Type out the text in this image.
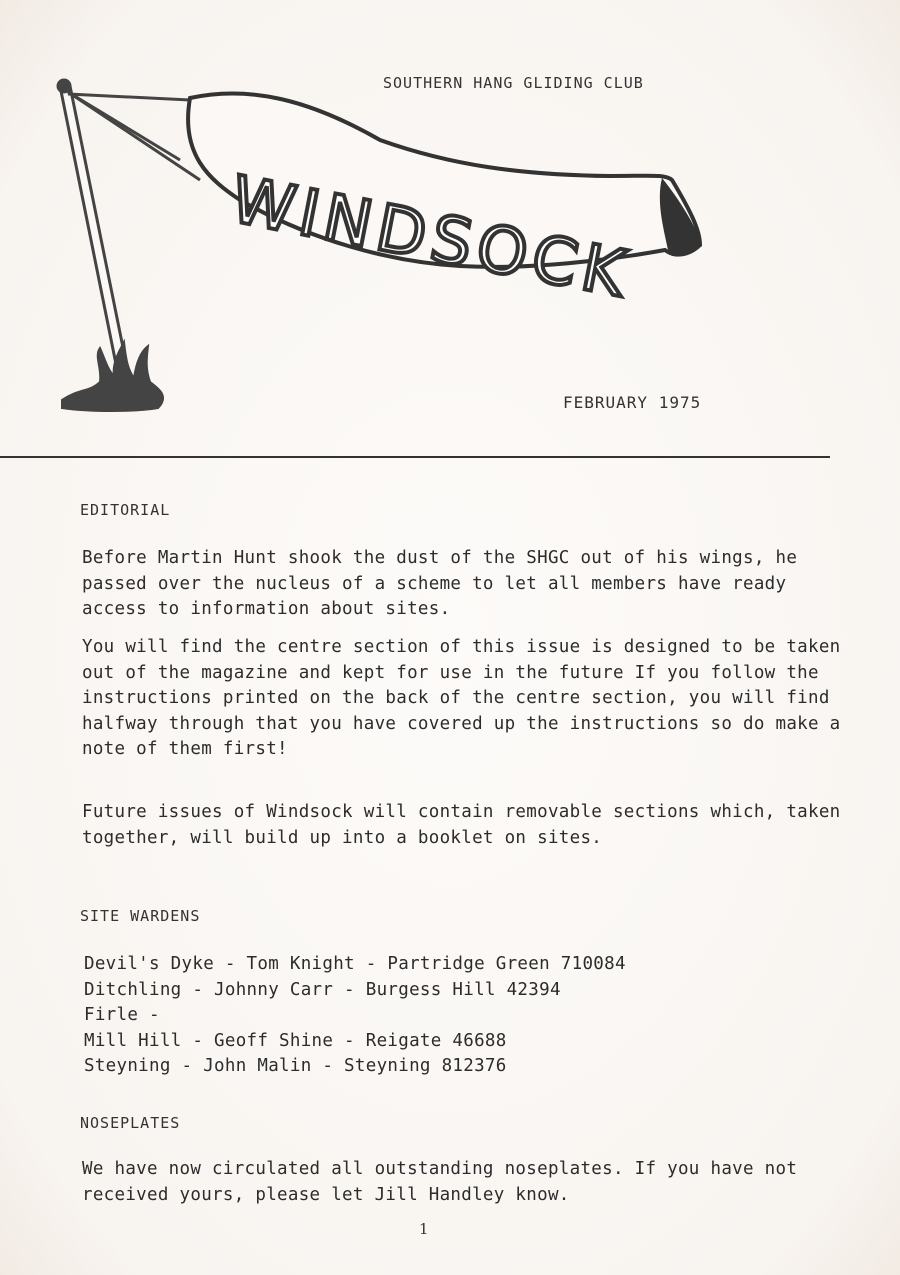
SOUTHERN HANG GLIDING CLUB
WINDSOCK
FEBRUARY 1975
EDITORIAL

Before Martin Hunt shook the dust of the SHGC out of his wings, he passed over the nucleus of a scheme to let all members have ready access to information about sites.

You will find the centre section of this issue is designed to be taken out of the magazine and kept for use in the future If you follow the instructions printed on the back of the centre section, you will find halfway through that you have covered up the instructions so do make a note of them first!

Future issues of Windsock will contain removable sections which, taken together, will build up into a booklet on sites.

SITE WARDENS
Devil's Dyke - Tom Knight - Partridge Green 710084
Ditchling - Johnny Carr - Burgess Hill 42394
Firle -
Mill Hill - Geoff Shine - Reigate 46688
Steyning - John Malin - Steyning 812376
NOSEPLATES

We have now circulated all outstanding noseplates. If you have not received yours, please let Jill Handley know.

1
